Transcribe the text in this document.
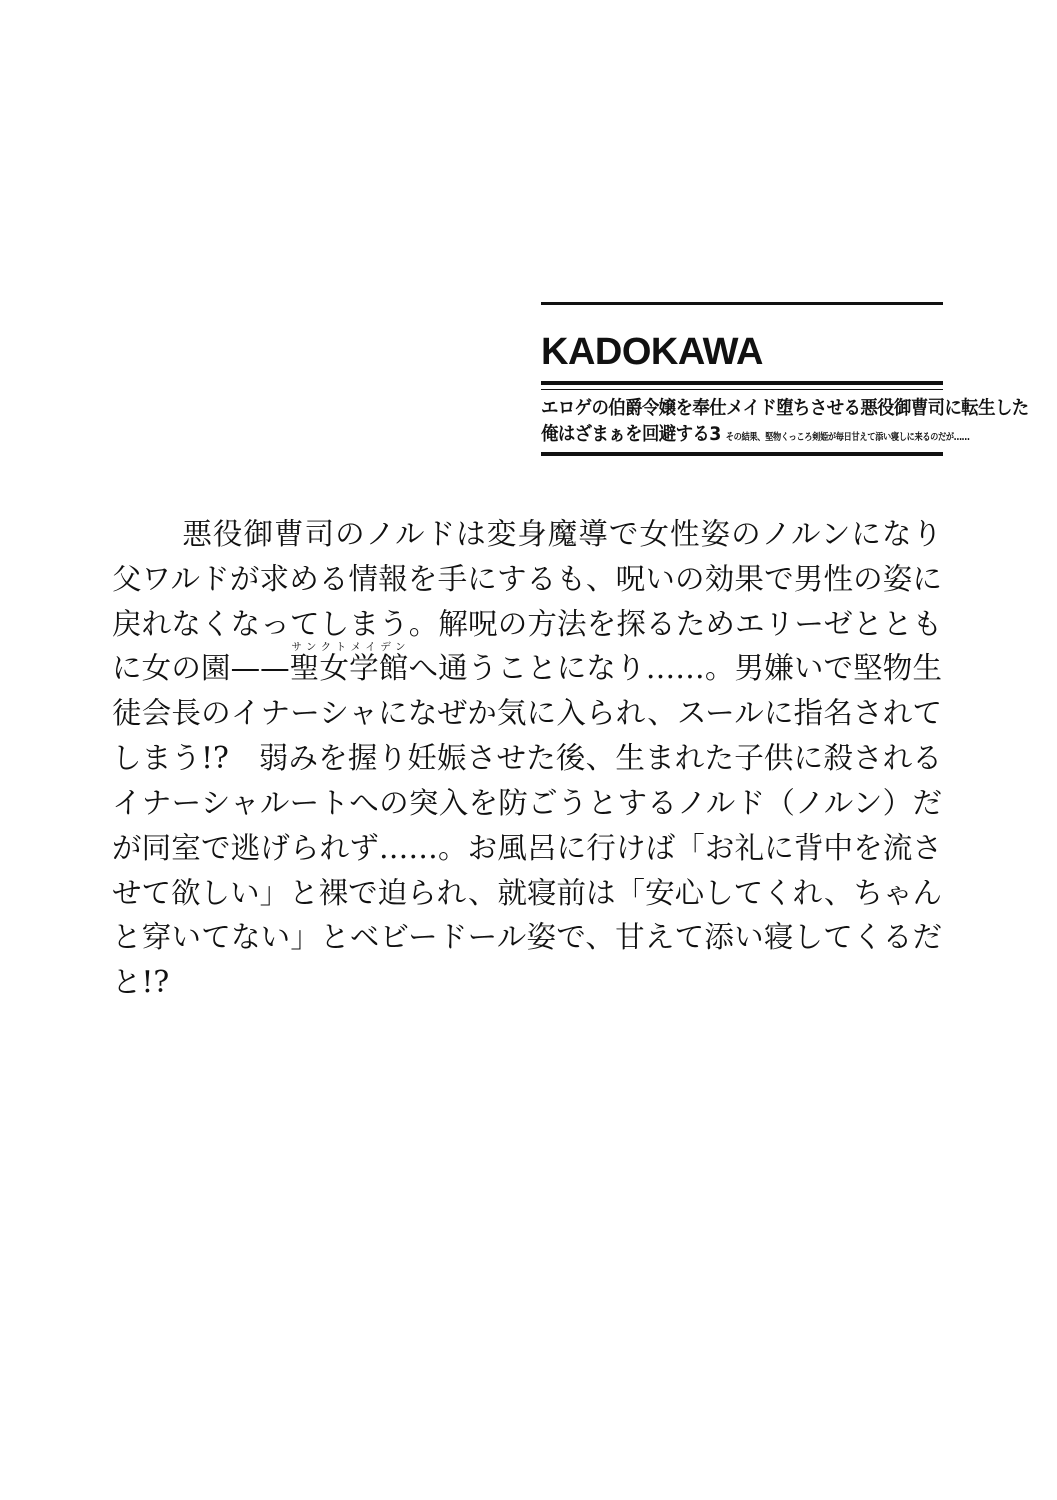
KADOKAWA
エロゲの伯爵令嬢を奉仕メイド堕ちさせる悪役御曹司に転生した
俺はざまぁを回避する3 その結果、堅物くっころ剣姫が毎日甘えて添い寝しに来るのだが……

　悪役御曹司のノルドは変身魔導で女性姿のノルンになり父ワルドが求める情報を手にするも、呪いの効果で男性の姿に戻れなくなってしまう。解呪の方法を探るためエリーゼとともに女の園——聖女学館サンクトメイデンへ通うことになり……。男嫌いで堅物生徒会長のイナーシャになぜか気に入られ、スールに指名されてしまう!?　弱みを握り妊娠させた後、生まれた子供に殺されるイナーシャルートへの突入を防ごうとするノルド（ノルン）だが同室で逃げられず……。お風呂に行けば「お礼に背中を流させて欲しい」と裸で迫られ、就寝前は「安心してくれ、ちゃんと穿いてない」とベビードール姿で、甘えて添い寝してくるだと!?
